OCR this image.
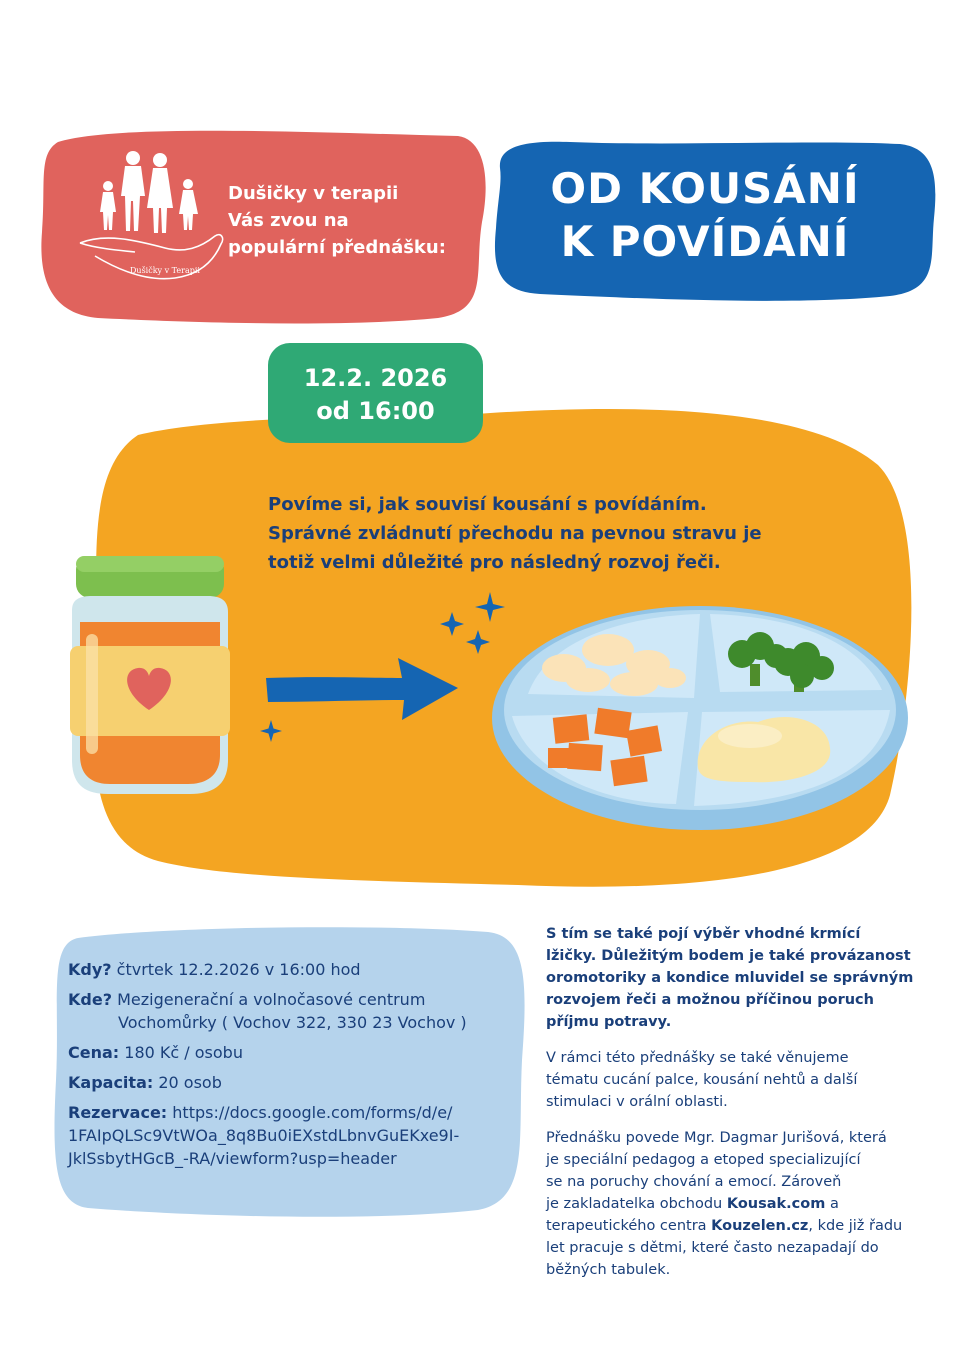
Dušičky v Terapii
Dušičky v terapii
Vás zvou na
populární přednášku:
OD KOUSÁNÍ
K POVÍDÁNÍ
12.2. 2026
od 16:00
Povíme si, jak souvisí kousání s povídáním.
Správné zvládnutí přechodu na pevnou stravu je
totiž velmi důležité pro následný rozvoj řeči.
Kdy? čtvrtek 12.2.2026 v 16:00 hod
Kde? Mezigenerační a volnočasové centrum
Vochomůrky ( Vochov 322, 330 23 Vochov )
Cena: 180 Kč / osobu
Kapacita: 20 osob
Rezervace: https://docs.google.com/forms/d/e/
1FAIpQLSc9VtWOa_8q8Bu0iEXstdLbnvGuEKxe9I-
JklSsbytHGcB_-RA/viewform?usp=header

S tím se také pojí výběr vhodné krmící
lžičky. Důležitým bodem je také provázanost
oromotoriky a kondice mluvidel se správným
rozvojem řeči a možnou příčinou poruch
příjmu potravy.

V rámci této přednášky se také věnujeme
tématu cucání palce, kousání nehtů a další
stimulaci v orální oblasti.

Přednášku povede Mgr. Dagmar Jurišová, která
je speciální pedagog a etoped specializující
se na poruchy chování a emocí. Zároveň
je zakladatelka obchodu Kousak.com a
terapeutického centra Kouzelen.cz, kde již řadu
let pracuje s dětmi, které často nezapadají do
běžných tabulek.
